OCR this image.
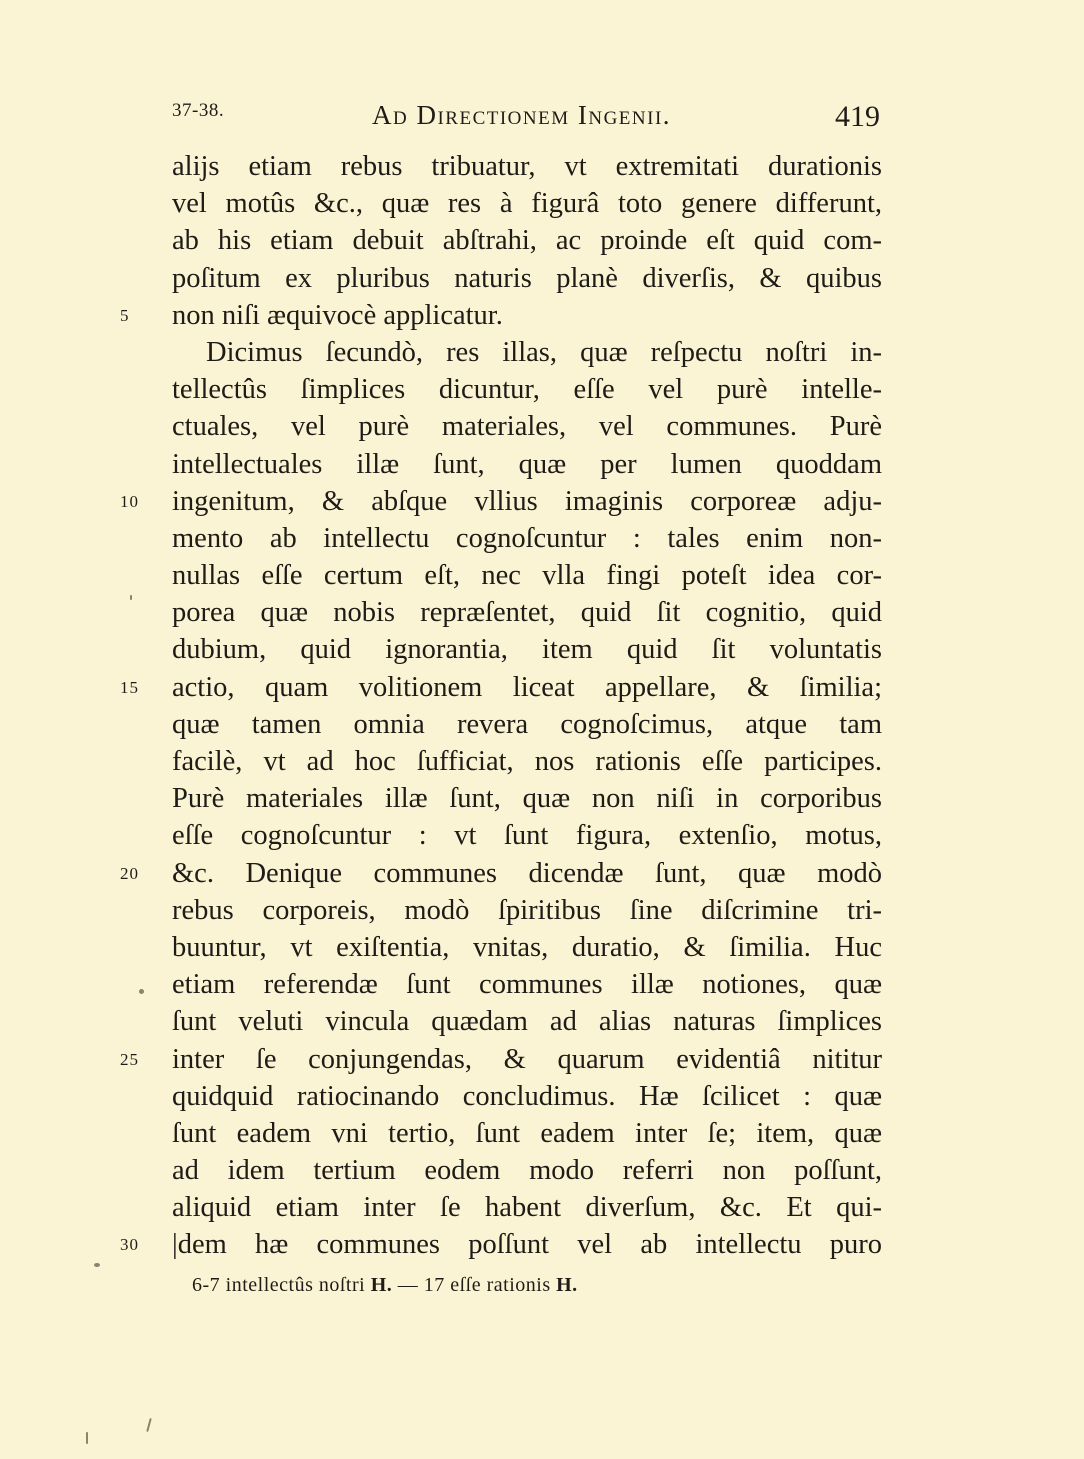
37-38.	Ad Directionem Ingenii.	419
alijs etiam rebus tribuatur, vt extremitati durationis
vel motûs &c., quæ res à figurâ toto genere differunt,
ab his etiam debuit abſtrahi, ac proinde eſt quid com-
poſitum ex pluribus naturis planè diverſis, & quibus
5	non niſi æquivocè applicatur.
Dicimus ſecundò, res illas, quæ reſpectu noſtri in-
tellectûs ſimplices dicuntur, eſſe vel purè intelle-
ctuales, vel purè materiales, vel communes. Purè
intellectuales illæ ſunt, quæ per lumen quoddam
10	ingenitum, & abſque vllius imaginis corporeæ adju-
mento ab intellectu cognoſcuntur : tales enim non-
nullas eſſe certum eſt, nec vlla fingi poteſt idea cor-
porea quæ nobis repræſentet, quid ſit cognitio, quid
dubium, quid ignorantia, item quid ſit voluntatis
15	actio, quam volitionem liceat appellare, & ſimilia;
quæ tamen omnia revera cognoſcimus, atque tam
facilè, vt ad hoc ſufficiat, nos rationis eſſe participes.
Purè materiales illæ ſunt, quæ non niſi in corporibus
eſſe cognoſcuntur : vt ſunt figura, extenſio, motus,
20	&c. Denique communes dicendæ ſunt, quæ modò
rebus corporeis, modò ſpiritibus ſine diſcrimine tri-
buuntur, vt exiſtentia, vnitas, duratio, & ſimilia. Huc
etiam referendæ ſunt communes illæ notiones, quæ
ſunt veluti vincula quædam ad alias naturas ſimplices
25	inter ſe conjungendas, & quarum evidentiâ nititur
quidquid ratiocinando concludimus. Hæ ſcilicet : quæ
ſunt eadem vni tertio, ſunt eadem inter ſe; item, quæ
ad idem tertium eodem modo referri non poſſunt,
aliquid etiam inter ſe habent diverſum, &c. Et qui-
30	|dem hæ communes poſſunt vel ab intellectu puro
6-7 intellectûs noſtri H. — 17 eſſe rationis H.
